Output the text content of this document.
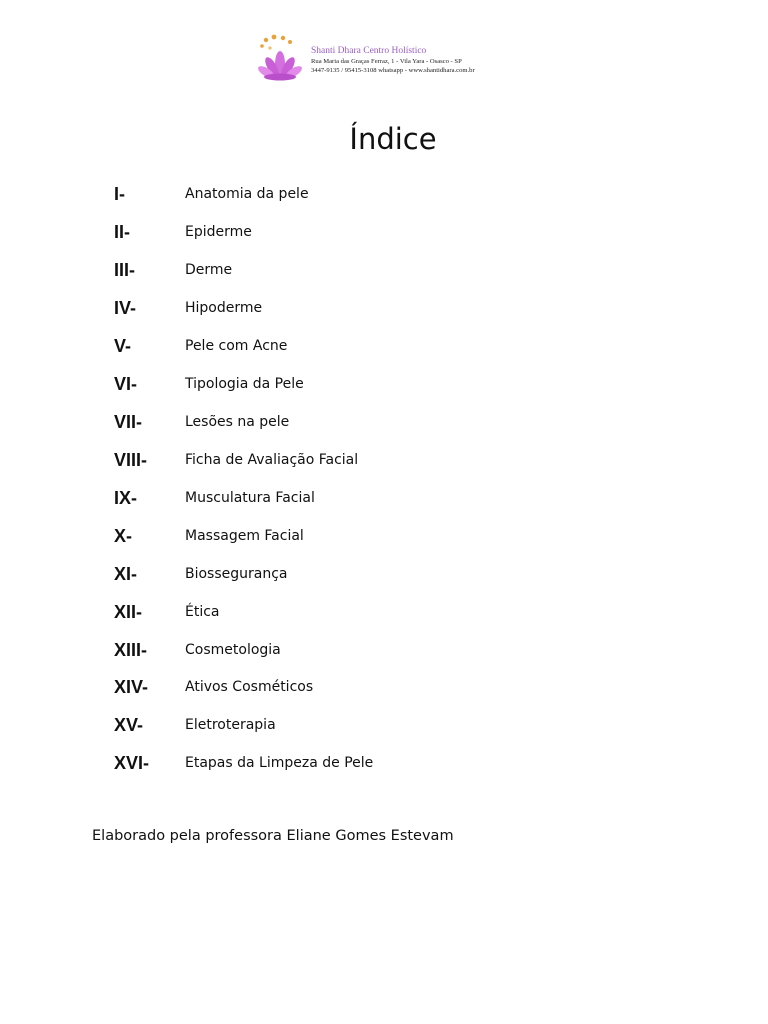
Shanti Dhara Centro Holístico
Rua Maria das Graças Ferraz, 1 - Vila Yara - Osasco - SP
3447-9135 / 95415-3108 whatsapp - www.shantidhara.com.br
Índice
I-	Anatomia da pele
II-	Epiderme
III-	Derme
IV-	Hipoderme
V-	Pele com Acne
VI-	Tipologia da Pele
VII-	Lesões na pele
VIII-	Ficha de Avaliação Facial
IX-	Musculatura Facial
X-	Massagem Facial
XI-	Biossegurança
XII-	Ética
XIII-	Cosmetologia
XIV-	Ativos Cosméticos
XV-	Eletroterapia
XVI-	Etapas da Limpeza de Pele
Elaborado pela professora Eliane Gomes Estevam
